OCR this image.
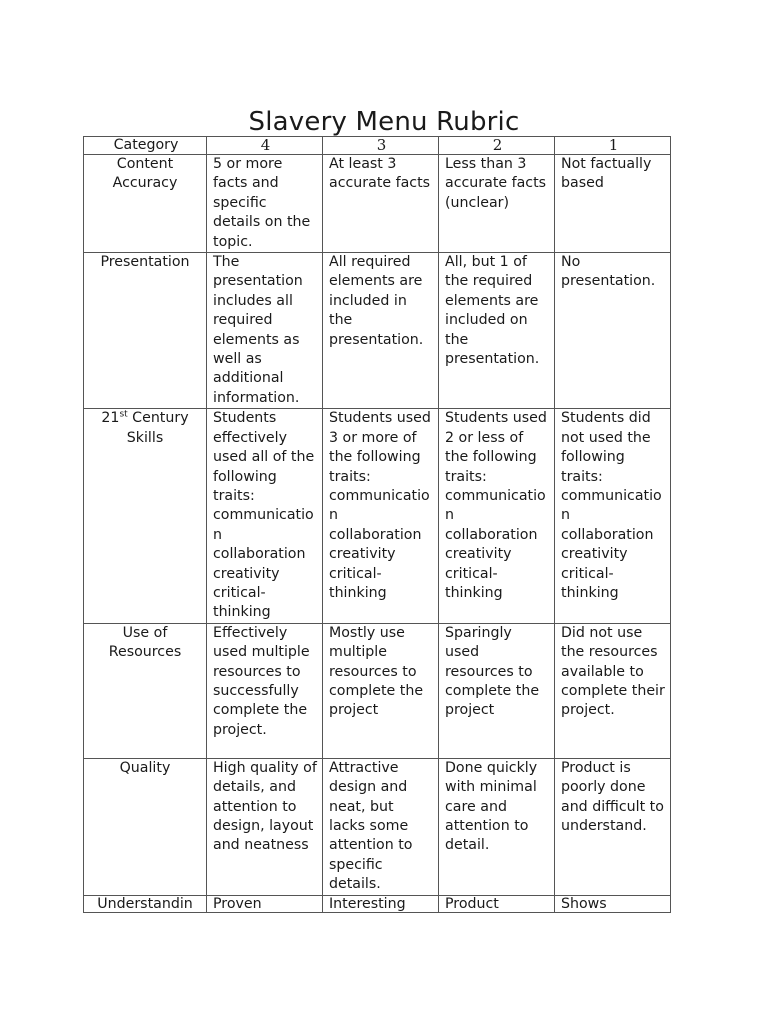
Slavery Menu Rubric
Category	4	3	2	1
Content Accuracy	5 or more facts and specific details on the topic.	At least 3 accurate facts	Less than 3 accurate facts (unclear)	Not factually based
Presentation	The presentation includes all required elements as well as additional information.	All required elements are included in the presentation.	All, but 1 of the required elements are included on the presentation.	No presentation.
21st Century Skills	Students effectively used all of the following traits:
communication
collaboration
creativity
critical-thinking	Students used 3 or more of the following traits:
communication
collaboration
creativity
critical-thinking	Students used 2 or less of the following traits:
communication
collaboration
creativity
critical-thinking	Students did not used the following traits:
communication
collaboration
creativity
critical-thinking
Use of Resources	Effectively used multiple resources to successfully complete the project.	Mostly use multiple resources to complete the project	Sparingly used resources to complete the project	Did not use the resources available to complete their project.
Quality	High quality of details, and attention to design, layout and neatness	Attractive design and neat, but lacks some attention to specific details.	Done quickly with minimal care and attention to detail.	Product is poorly done and difficult to understand.
Understandin	Proven	Interesting	Product	Shows
